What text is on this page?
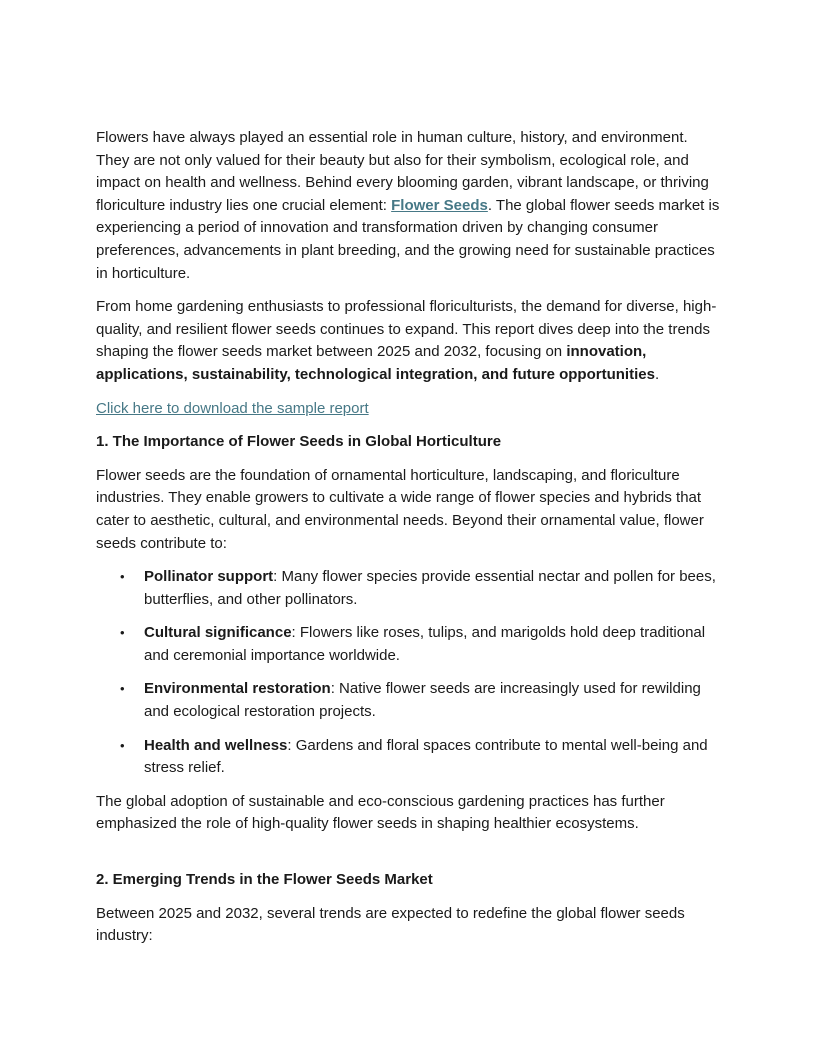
Flowers have always played an essential role in human culture, history, and environment. They are not only valued for their beauty but also for their symbolism, ecological role, and impact on health and wellness. Behind every blooming garden, vibrant landscape, or thriving floriculture industry lies one crucial element: Flower Seeds. The global flower seeds market is experiencing a period of innovation and transformation driven by changing consumer preferences, advancements in plant breeding, and the growing need for sustainable practices in horticulture.

From home gardening enthusiasts to professional floriculturists, the demand for diverse, high-quality, and resilient flower seeds continues to expand. This report dives deep into the trends shaping the flower seeds market between 2025 and 2032, focusing on innovation, applications, sustainability, technological integration, and future opportunities.

Click here to download the sample report

1. The Importance of Flower Seeds in Global Horticulture

Flower seeds are the foundation of ornamental horticulture, landscaping, and floriculture industries. They enable growers to cultivate a wide range of flower species and hybrids that cater to aesthetic, cultural, and environmental needs. Beyond their ornamental value, flower seeds contribute to:

• Pollinator support: Many flower species provide essential nectar and pollen for bees, butterflies, and other pollinators.
• Cultural significance: Flowers like roses, tulips, and marigolds hold deep traditional and ceremonial importance worldwide.
• Environmental restoration: Native flower seeds are increasingly used for rewilding and ecological restoration projects.
• Health and wellness: Gardens and floral spaces contribute to mental well-being and stress relief.

The global adoption of sustainable and eco-conscious gardening practices has further emphasized the role of high-quality flower seeds in shaping healthier ecosystems.

2. Emerging Trends in the Flower Seeds Market

Between 2025 and 2032, several trends are expected to redefine the global flower seeds industry:
